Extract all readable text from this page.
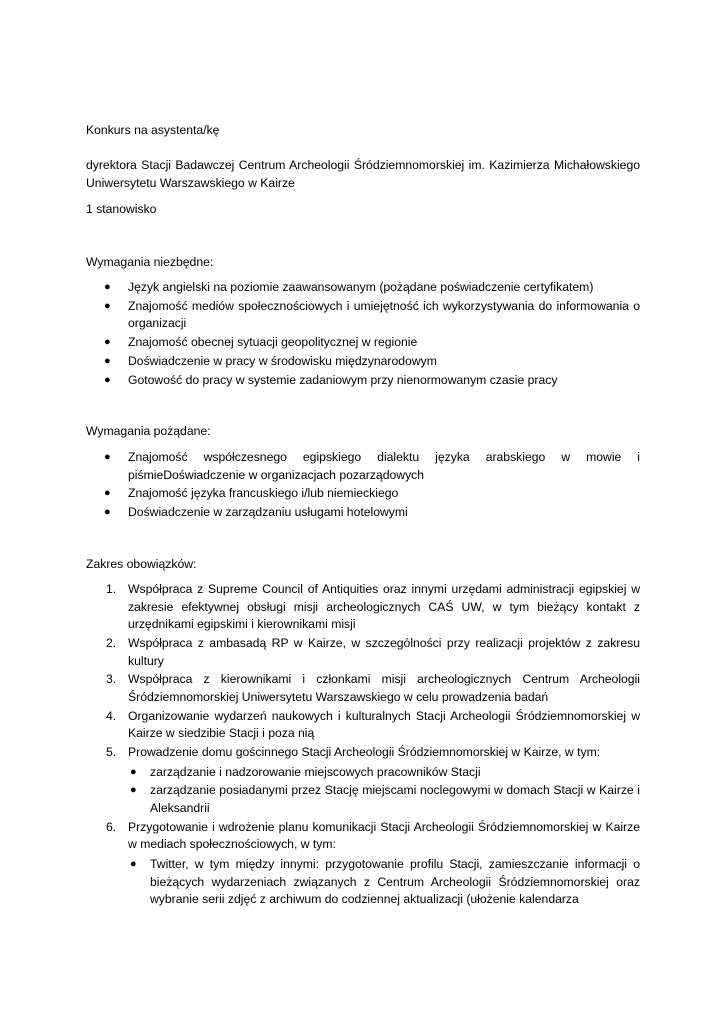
Konkurs na asystenta/kę

dyrektora Stacji Badawczej Centrum Archeologii Śródziemnomorskiej im. Kazimierza Michałowskiego Uniwersytetu Warszawskiego w Kairze

1 stanowisko

Wymagania niezbędne:

● Język angielski na poziomie zaawansowanym (pożądane poświadczenie certyfikatem)
● Znajomość mediów społecznościowych i umiejętność ich wykorzystywania do informowania o organizacji
● Znajomość obecnej sytuacji geopolitycznej w regionie
● Doświadczenie w pracy w środowisku międzynarodowym
● Gotowość do pracy w systemie zadaniowym przy nienormowanym czasie pracy

Wymagania pożądane:

● Znajomość współczesnego egipskiego dialektu języka arabskiego w mowie i piśmieDoświadczenie w organizacjach pozarządowych
● Znajomość języka francuskiego i/lub niemieckiego
● Doświadczenie w zarządzaniu usługami hotelowymi

Zakres obowiązków:

1. Współpraca z Supreme Council of Antiquities oraz innymi urzędami administracji egipskiej w zakresie efektywnej obsługi misji archeologicznych CAŚ UW, w tym bieżący kontakt z urzędnikami egipskimi i kierownikami misji
2. Współpraca z ambasadą RP w Kairze, w szczególności przy realizacji projektów z zakresu kultury
3. Współpraca z kierownikami i członkami misji archeologicznych Centrum Archeologii Śródziemnomorskiej Uniwersytetu Warszawskiego w celu prowadzenia badań
4. Organizowanie wydarzeń naukowych i kulturalnych Stacji Archeologii Śródziemnomorskiej w Kairze w siedzibie Stacji i poza nią
5. Prowadzenie domu gościnnego Stacji Archeologii Śródziemnomorskiej w Kairze, w tym:
● zarządzanie i nadzorowanie miejscowych pracowników Stacji
● zarządzanie posiadanymi przez Stację miejscami noclegowymi w domach Stacji w Kairze i Aleksandrii
6. Przygotowanie i wdrożenie planu komunikacji Stacji Archeologii Śródziemnomorskiej w Kairze w mediach społecznościowych, w tym:
● Twitter, w tym między innymi: przygotowanie profilu Stacji, zamieszczanie informacji o bieżących wydarzeniach związanych z Centrum Archeologii Śródziemnomorskiej oraz wybranie serii zdjęć z archiwum do codziennej aktualizacji (ułożenie kalendarza
